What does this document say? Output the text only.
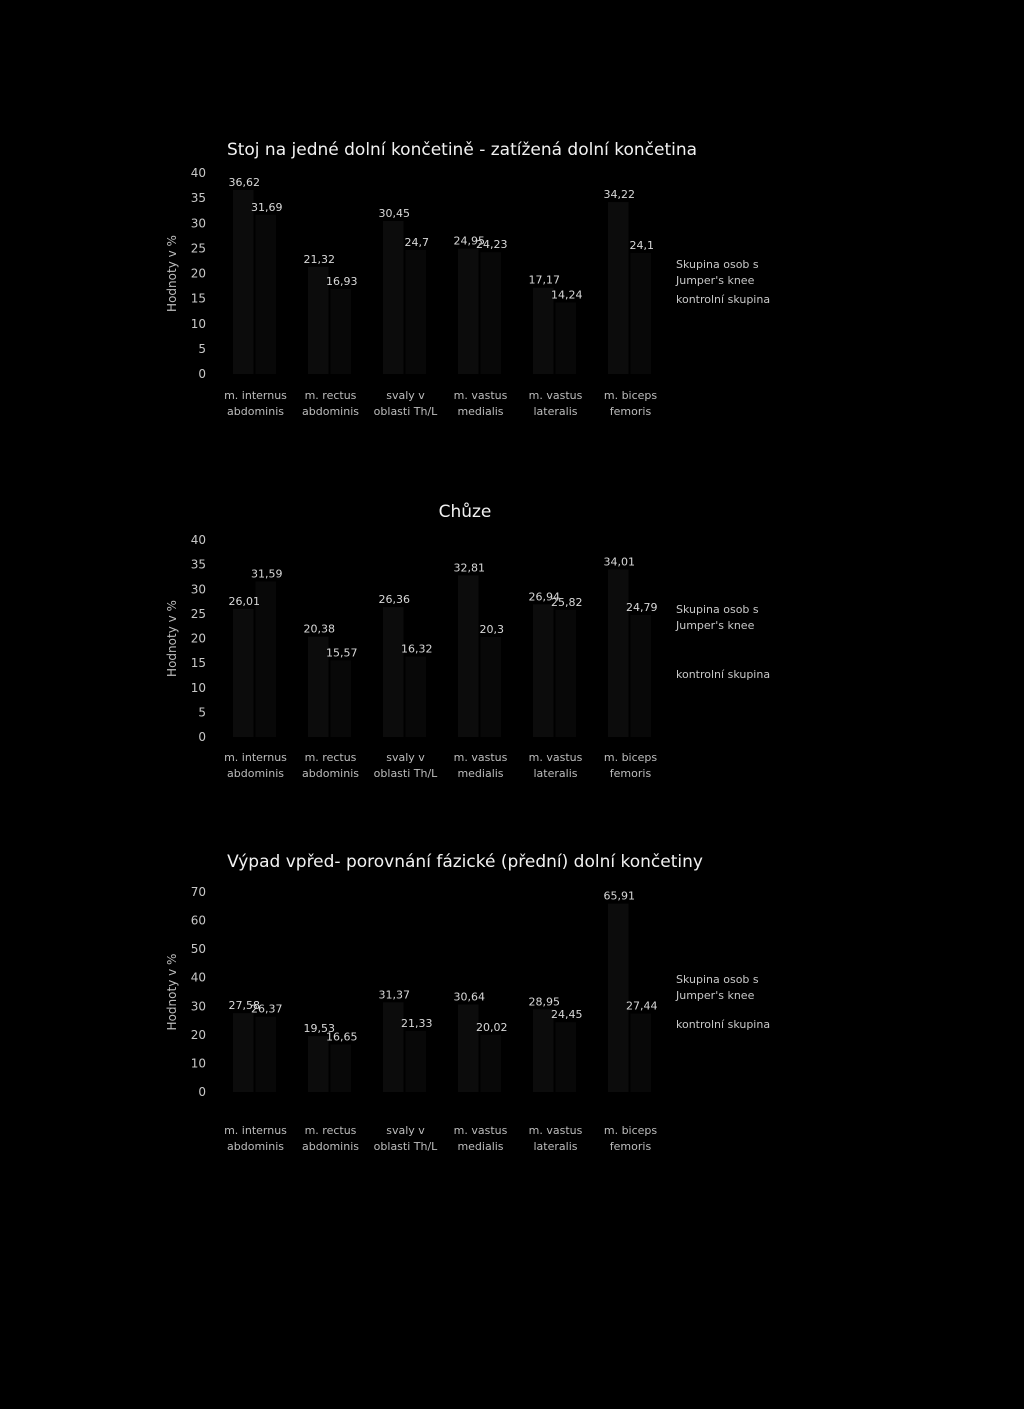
Stoj na jedné dolní končetině - zatížená dolní končetina
Hodnoty v %
0
5
10
15
20
25
30
35
40
36,62
21,32
30,45
24,95
17,17
34,22
31,69
16,93
24,7	24,23
14,24
24,1
m. internus
abdominis
m. rectus
abdominis
svaly v
oblasti Th/L
m. vastus
medialis
m. vastus
lateralis
m. biceps
femoris
Skupina osob s
Jumper's knee
kontrolní skupina
Chůze
Hodnoty v %
0
5
10
15
20
25
30
35
40
26,01
20,38
26,36
32,81
26,94
34,01
31,59
15,57	16,32
20,3
25,82	24,79
m. internus
abdominis
m. rectus
abdominis
svaly v
oblasti Th/L
m. vastus
medialis
m. vastus
lateralis
m. biceps
femoris
Skupina osob s
Jumper's knee
kontrolní skupina
Výpad vpřed- porovnání fázické (přední) dolní končetiny
Hodnoty v %
0
10
20
30
40
50
60
70
27,58
19,53
31,37	30,64	28,95
65,91
26,37
16,65
21,33	20,02
24,45
27,44
m. internus
abdominis
m. rectus
abdominis
svaly v
oblasti Th/L
m. vastus
medialis
m. vastus
lateralis
m. biceps
femoris
Skupina osob s
Jumper's knee
kontrolní skupina
